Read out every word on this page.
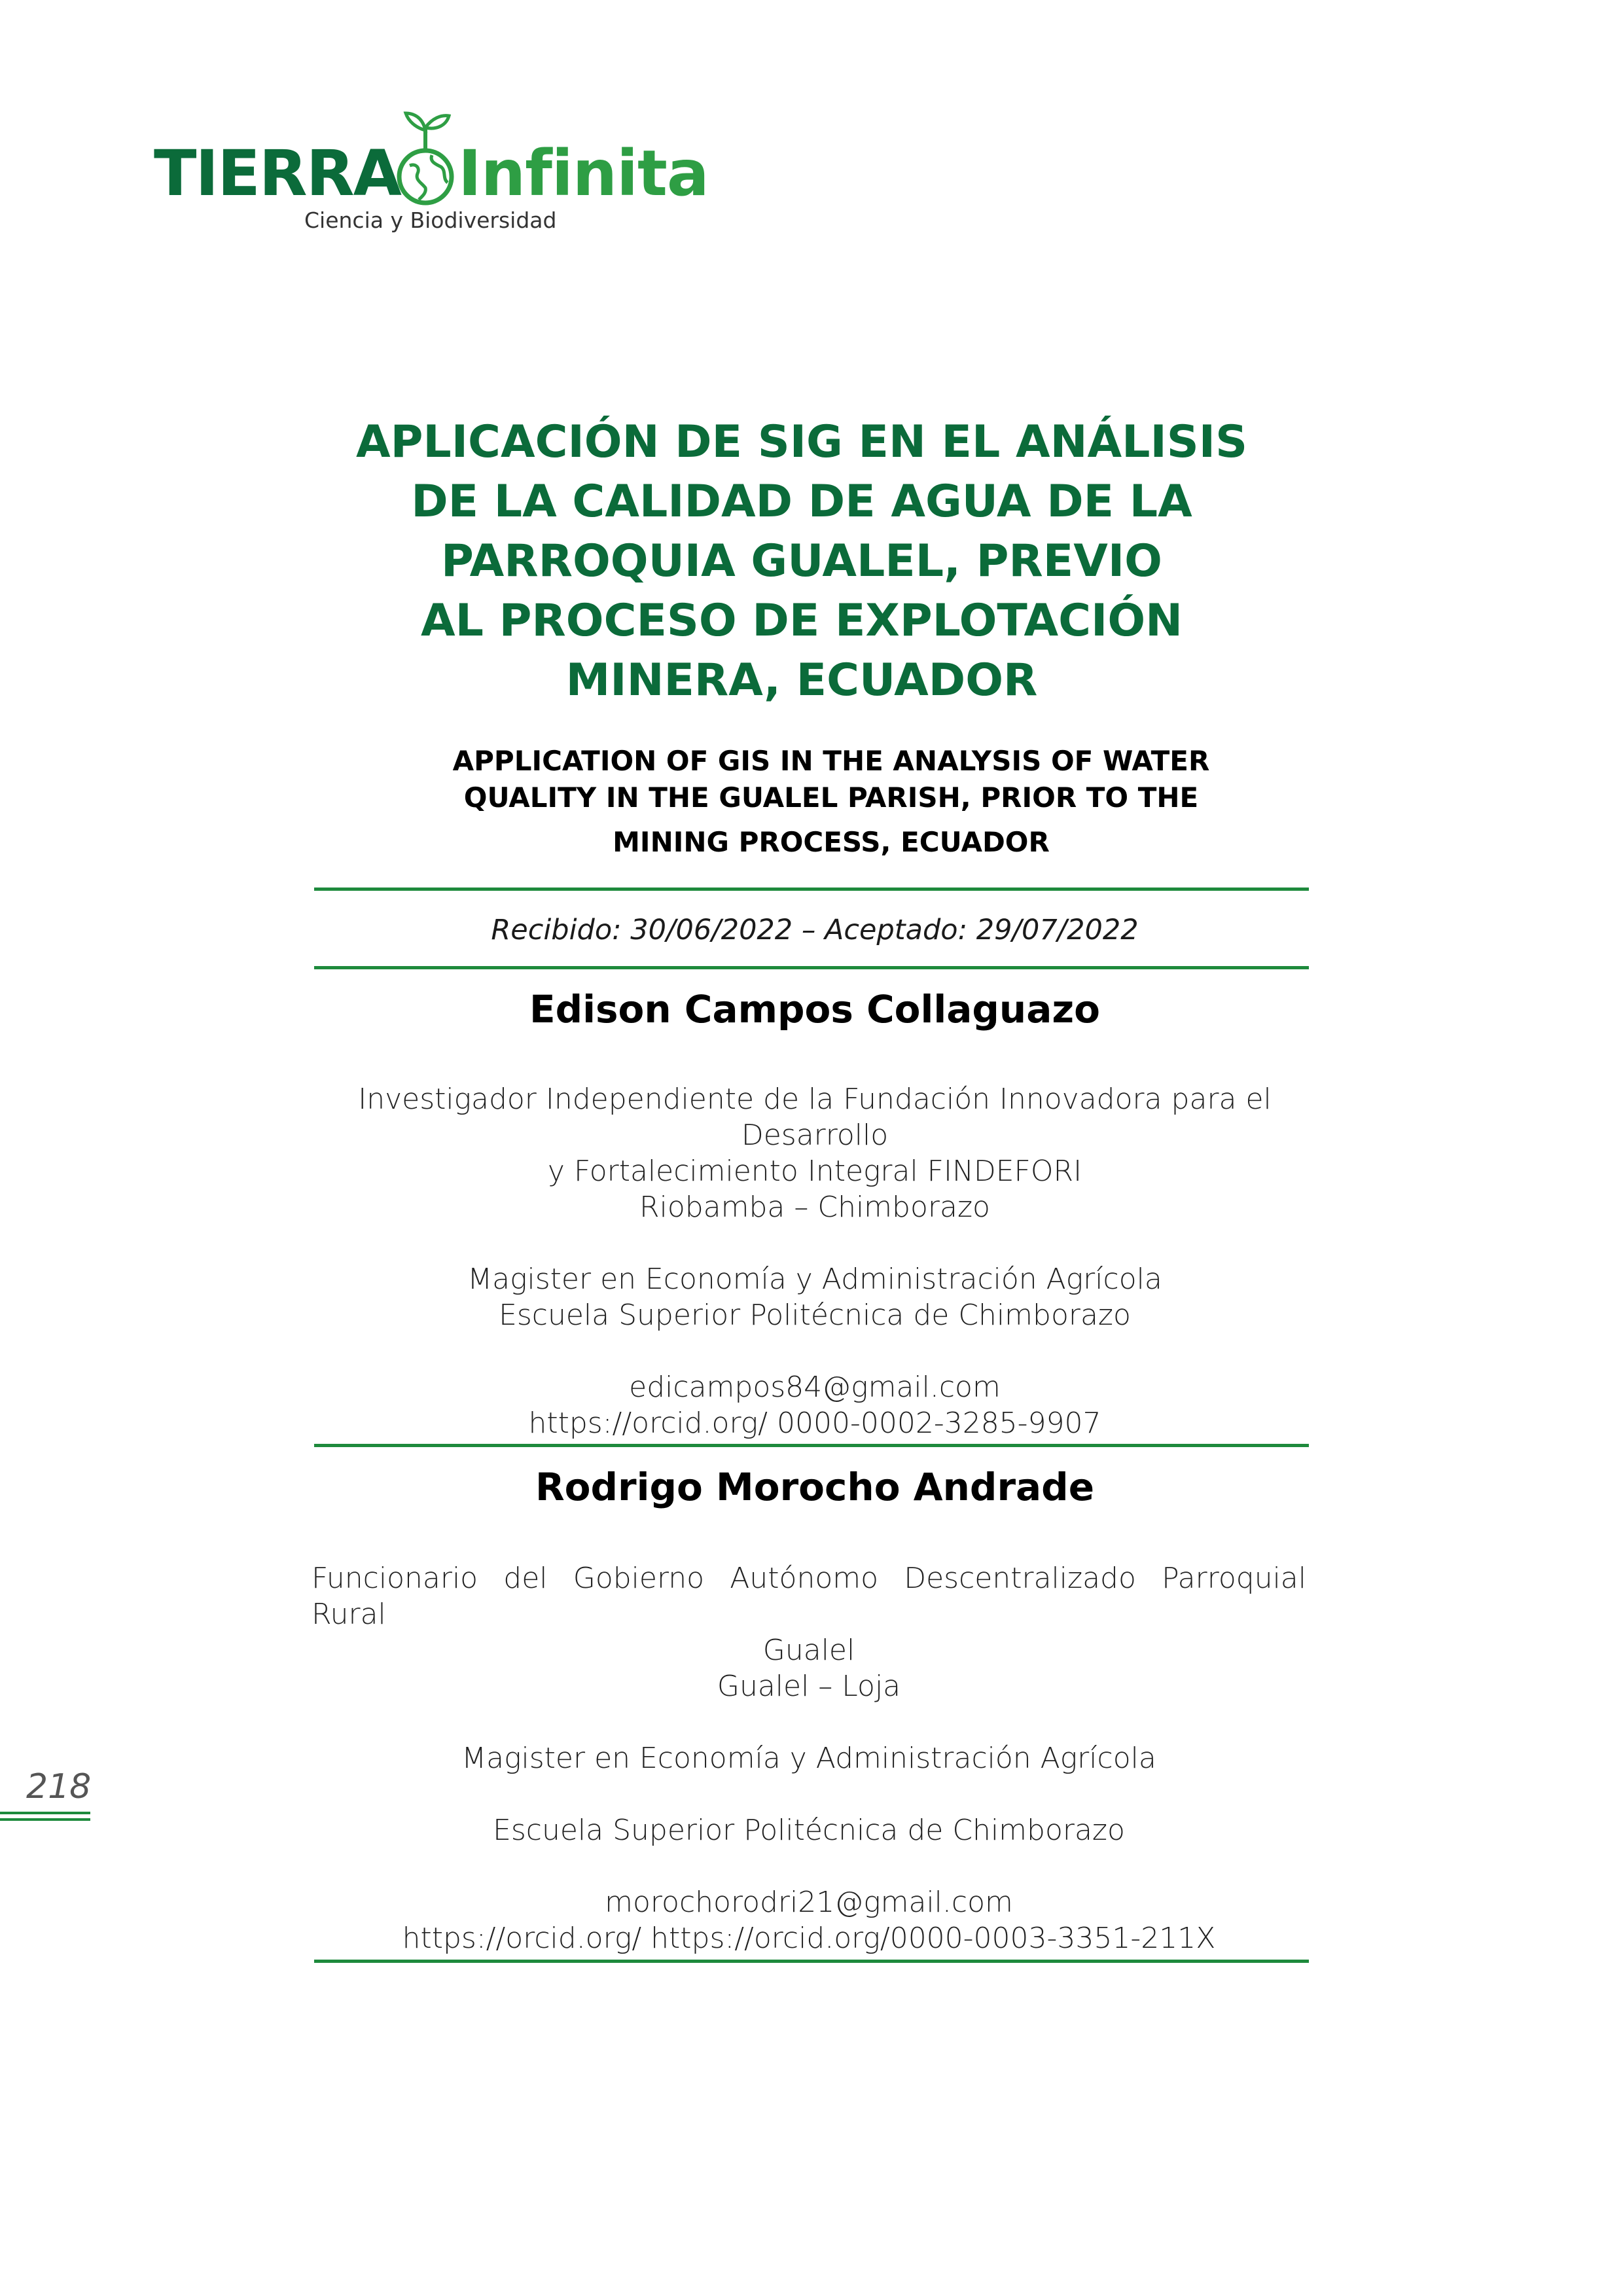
TIERRA Infinita
Ciencia y Biodiversidad
APLICACIÓN DE SIG EN EL ANÁLISIS
DE LA CALIDAD DE AGUA DE LA
PARROQUIA GUALEL, PREVIO
AL PROCESO DE EXPLOTACIÓN
MINERA, ECUADOR
APPLICATION OF GIS IN THE ANALYSIS OF WATER
QUALITY IN THE GUALEL PARISH, PRIOR TO THE
MINING PROCESS, ECUADOR
Recibido: 30/06/2022 – Aceptado: 29/07/2022
Edison Campos Collaguazo
Investigador Independiente de la Fundación Innovadora para el Desarrollo
y Fortalecimiento Integral FINDEFORI
Riobamba – Chimborazo
Magister en Economía y Administración Agrícola
Escuela Superior Politécnica de Chimborazo
edicampos84@gmail.com
https://orcid.org/ 0000-0002-3285-9907
Rodrigo Morocho Andrade
Funcionario del Gobierno Autónomo Descentralizado Parroquial Rural
Gualel
Gualel – Loja
Magister en Economía y Administración Agrícola
Escuela Superior Politécnica de Chimborazo
morochorodri21@gmail.com
https://orcid.org/ https://orcid.org/0000-0003-3351-211X
218
